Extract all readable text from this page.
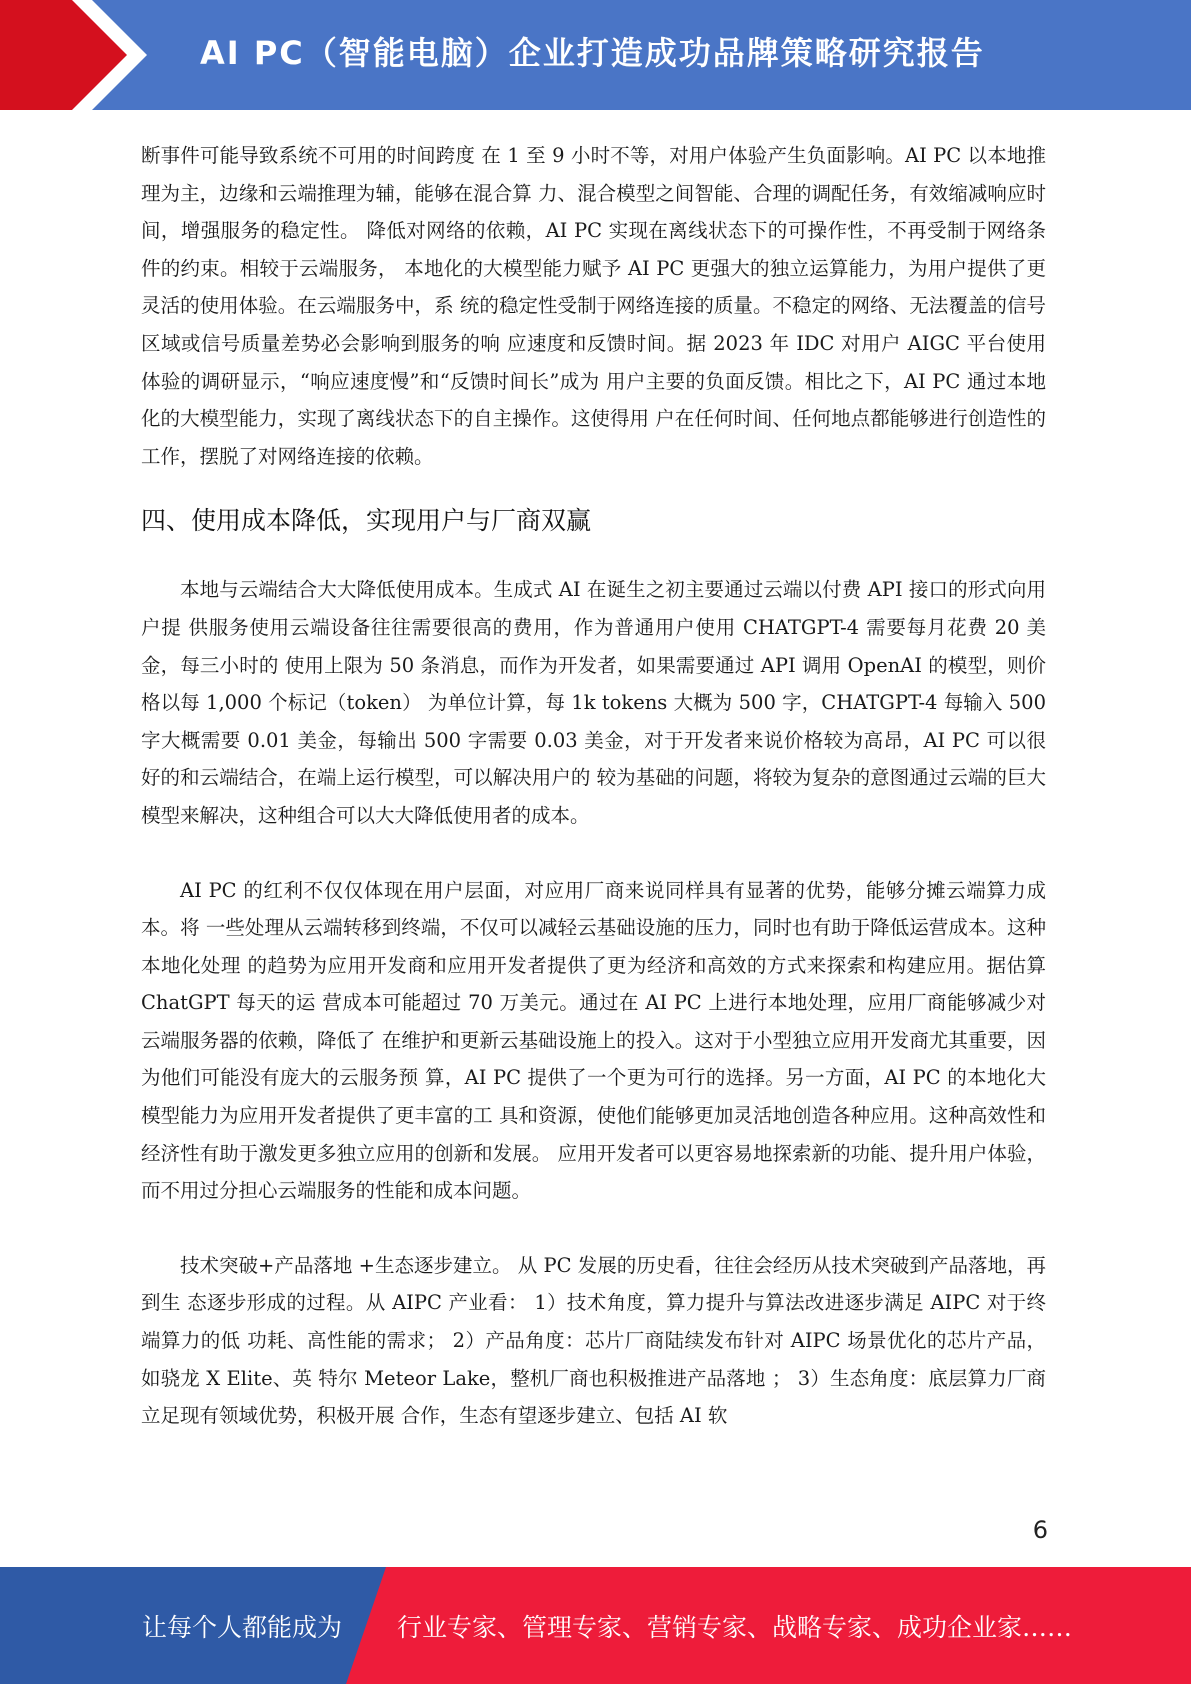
AI PC（智能电脑）企业打造成功品牌策略研究报告

断事件可能导致系统不可用的时间跨度 在 1 至 9 小时不等，对用户体验产生负面影响。AI PC 以本地推理为主，边缘和云端推理为辅，能够在混合算 力、混合模型之间智能、合理的调配任务，有效缩减响应时间，增强服务的稳定性。 降低对网络的依赖，AI PC 实现在离线状态下的可操作性，不再受制于网络条件的约束。相较于云端服务， 本地化的大模型能力赋予 AI PC 更强大的独立运算能力，为用户提供了更灵活的使用体验。在云端服务中，系 统的稳定性受制于网络连接的质量。不稳定的网络、无法覆盖的信号区域或信号质量差势必会影响到服务的响 应速度和反馈时间。据 2023 年 IDC 对用户 AIGC 平台使用体验的调研显示，“响应速度慢”和“反馈时间长”成为 用户主要的负面反馈。相比之下，AI PC 通过本地化的大模型能力，实现了离线状态下的自主操作。这使得用 户在任何时间、任何地点都能够进行创造性的工作，摆脱了对网络连接的依赖。

四、使用成本降低，实现用户与厂商双赢

本地与云端结合大大降低使用成本。生成式 AI 在诞生之初主要通过云端以付费 API 接口的形式向用户提 供服务使用云端设备往往需要很高的费用，作为普通用户使用 CHATGPT-4 需要每月花费 20 美金，每三小时的 使用上限为 50 条消息，而作为开发者，如果需要通过 API 调用 OpenAI 的模型，则价格以每 1,000 个标记（token） 为单位计算，每 1k tokens 大概为 500 字，CHATGPT-4 每输入 500 字大概需要 0.01 美金，每输出 500 字需要 0.03 美金，对于开发者来说价格较为高昂，AI PC 可以很好的和云端结合，在端上运行模型，可以解决用户的 较为基础的问题，将较为复杂的意图通过云端的巨大模型来解决，这种组合可以大大降低使用者的成本。

AI PC 的红利不仅仅体现在用户层面，对应用厂商来说同样具有显著的优势，能够分摊云端算力成本。将 一些处理从云端转移到终端，不仅可以减轻云基础设施的压力，同时也有助于降低运营成本。这种本地化处理 的趋势为应用开发商和应用开发者提供了更为经济和高效的方式来探索和构建应用。据估算 ChatGPT 每天的运 营成本可能超过 70 万美元。通过在 AI PC 上进行本地处理，应用厂商能够减少对云端服务器的依赖，降低了 在维护和更新云基础设施上的投入。这对于小型独立应用开发商尤其重要，因为他们可能没有庞大的云服务预 算，AI PC 提供了一个更为可行的选择。另一方面，AI PC 的本地化大模型能力为应用开发者提供了更丰富的工 具和资源，使他们能够更加灵活地创造各种应用。这种高效性和经济性有助于激发更多独立应用的创新和发展。 应用开发者可以更容易地探索新的功能、提升用户体验，而不用过分担心云端服务的性能和成本问题。

技术突破+产品落地 +生态逐步建立。 从 PC 发展的历史看，往往会经历从技术突破到产品落地，再到生 态逐步形成的过程。从 AIPC 产业看： 1）技术角度，算力提升与算法改进逐步满足 AIPC 对于终端算力的低 功耗、高性能的需求； 2）产品角度：芯片厂商陆续发布针对 AIPC 场景优化的芯片产品，如骁龙 X Elite、英 特尔 Meteor Lake，整机厂商也积极推进产品落地 ； 3）生态角度：底层算力厂商立足现有领域优势，积极开展 合作，生态有望逐步建立、包括 AI 软

6
让每个人都能成为 行业专家、管理专家、营销专家、战略专家、成功企业家……
